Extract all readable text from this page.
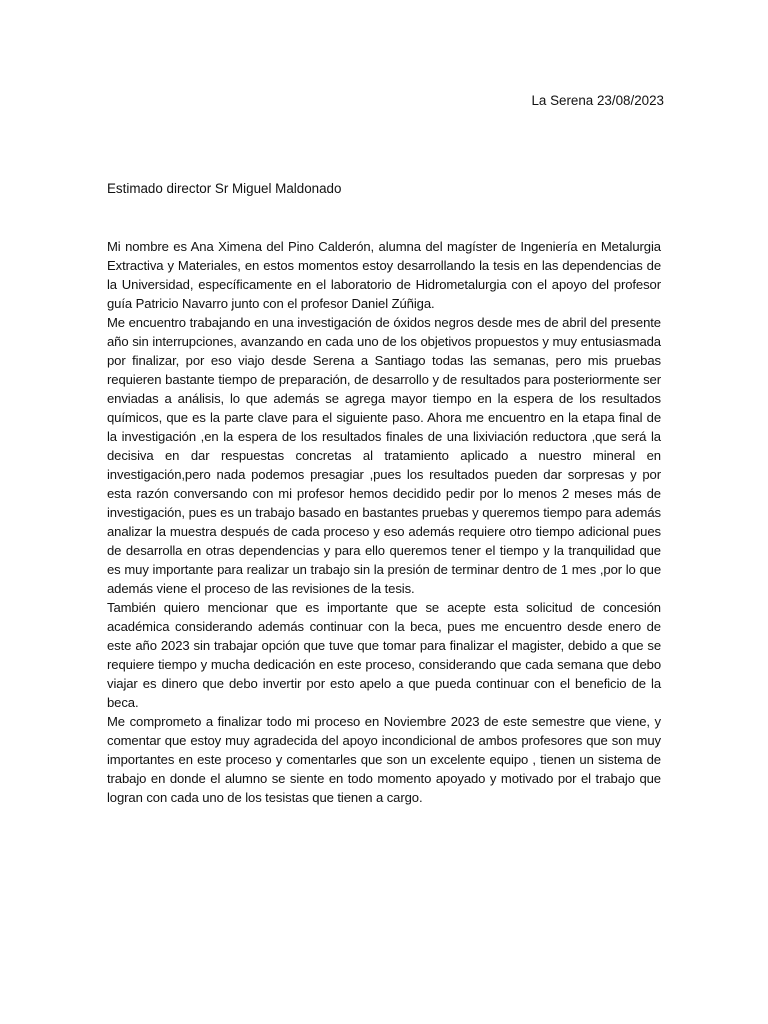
La Serena 23/08/2023
Estimado director Sr Miguel Maldonado

Mi nombre es Ana Ximena del Pino Calderón, alumna del magíster de Ingeniería en Metalurgia Extractiva y Materiales, en estos momentos estoy desarrollando la tesis en las dependencias de la Universidad, específicamente en el laboratorio de Hidrometalurgia con el apoyo del profesor guía Patricio Navarro junto con el profesor Daniel Zúñiga.

Me encuentro trabajando en una investigación de óxidos negros desde mes de abril del presente año sin interrupciones, avanzando en cada uno de los objetivos propuestos y muy entusiasmada por finalizar, por eso viajo desde Serena a Santiago todas las semanas, pero mis pruebas requieren bastante tiempo de preparación, de desarrollo y de resultados para posteriormente ser enviadas a análisis, lo que además se agrega mayor tiempo en la espera de los resultados químicos, que es la parte clave para el siguiente paso. Ahora me encuentro en la etapa final de la investigación ,en la espera de los resultados finales de una lixiviación reductora ,que será la decisiva en dar respuestas concretas al tratamiento aplicado a nuestro mineral en investigación,pero nada podemos presagiar ,pues los resultados pueden dar sorpresas y por esta razón conversando con mi profesor hemos decidido pedir por lo menos 2 meses más de investigación, pues es un trabajo basado en bastantes pruebas y queremos tiempo para además analizar la muestra después de cada proceso y eso además requiere otro tiempo adicional pues de desarrolla en otras dependencias y para ello queremos tener el tiempo y la tranquilidad que es muy importante para realizar un trabajo sin la presión de terminar dentro de 1 mes ,por lo que además viene el proceso de las revisiones de la tesis.

También quiero mencionar que es importante que se acepte esta solicitud de concesión académica considerando además continuar con la beca, pues me encuentro desde enero de este año 2023 sin trabajar opción que tuve que tomar para finalizar el magister, debido a que se requiere tiempo y mucha dedicación en este proceso, considerando que cada semana que debo viajar es dinero que debo invertir por esto apelo a que pueda continuar con el beneficio de la beca.

Me comprometo a finalizar todo mi proceso en Noviembre 2023 de este semestre que viene, y comentar que estoy muy agradecida del apoyo incondicional de ambos profesores que son muy importantes en este proceso y comentarles que son un excelente equipo , tienen un sistema de trabajo en donde el alumno se siente en todo momento apoyado y motivado por el trabajo que logran con cada uno de los tesistas que tienen a cargo.
